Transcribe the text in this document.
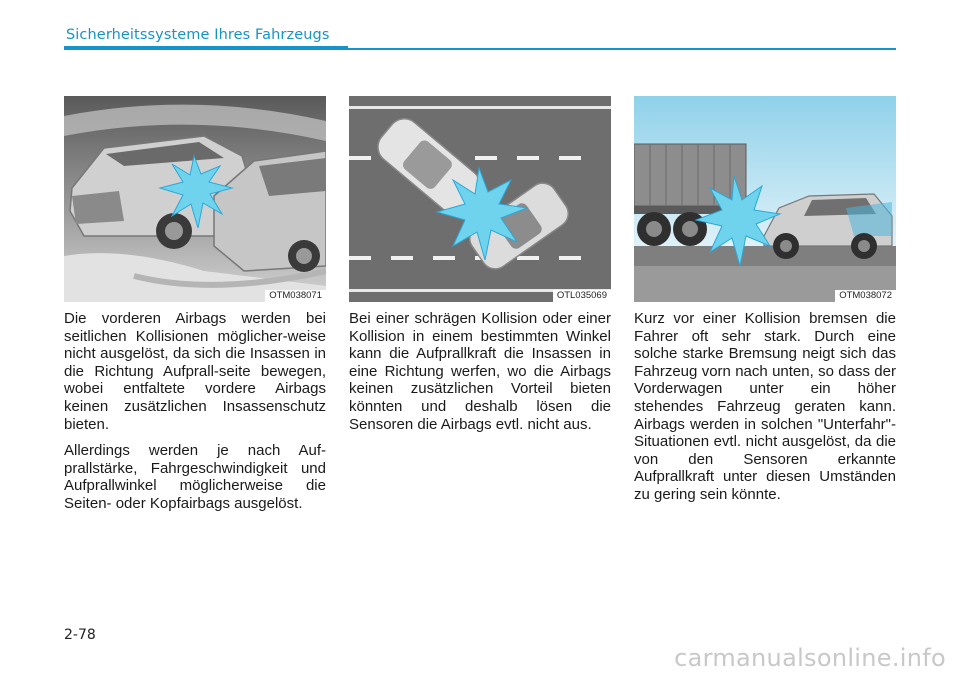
Sicherheitssysteme Ihres Fahrzeugs
OTM038071	OTL035069	OTM038072

Die vorderen Airbags werden bei seitlichen Kollisionen möglicher-weise nicht ausgelöst, da sich die Insassen in die Richtung Aufprall-seite bewegen, wobei entfaltete vordere Airbags keinen zusätzlichen Insassenschutz bieten.

Allerdings werden je nach Auf-prallstärke, Fahrgeschwindigkeit und Aufprallwinkel möglicherweise die Seiten- oder Kopfairbags ausgelöst.

Bei einer schrägen Kollision oder einer Kollision in einem bestimmten Winkel kann die Aufprallkraft die Insassen in eine Richtung werfen, wo die Airbags keinen zusätzlichen Vorteil bieten könnten und deshalb lösen die Sensoren die Airbags evtl. nicht aus.

Kurz vor einer Kollision bremsen die Fahrer oft sehr stark. Durch eine solche starke Bremsung neigt sich das Fahrzeug vorn nach unten, so dass der Vorderwagen unter ein höher stehendes Fahrzeug geraten kann. Airbags werden in solchen "Unterfahr"- Situationen evtl. nicht ausgelöst, da die von den Sensoren erkannte Aufprallkraft unter diesen Umständen zu gering sein könnte.

2-78
carmanualsonline.info
